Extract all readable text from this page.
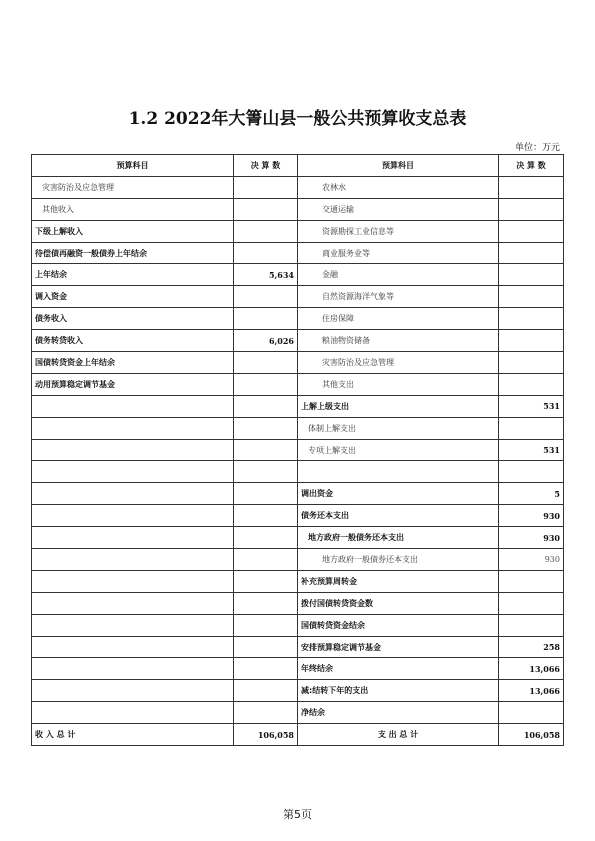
1.2 2022年大箐山县一般公共预算收支总表
单位：万元
预算科目	决 算 数	预算科目	决 算 数
灾害防治及应急管理		农林水	
其他收入		交通运输	
下级上解收入		资源勘探工业信息等	
待偿债再融资一般债券上年结余		商业服务业等	
上年结余	5,634	金融	
调入资金		自然资源海洋气象等	
债务收入		住房保障	
债务转贷收入	6,026	粮油物资储备	
国债转贷资金上年结余		灾害防治及应急管理	
动用预算稳定调节基金		其他支出	
		上解上级支出	531
		体制上解支出	
		专项上解支出	531

		调出资金	5
		债务还本支出	930
		地方政府一般债务还本支出	930
		地方政府一般债券还本支出	930
		补充预算周转金	
		拨付国债转贷资金数	
		国债转贷资金结余	
		安排预算稳定调节基金	258
		年终结余	13,066
		减:结转下年的支出	13,066
		净结余	
收 入 总 计	106,058	支 出 总 计	106,058
第5页
